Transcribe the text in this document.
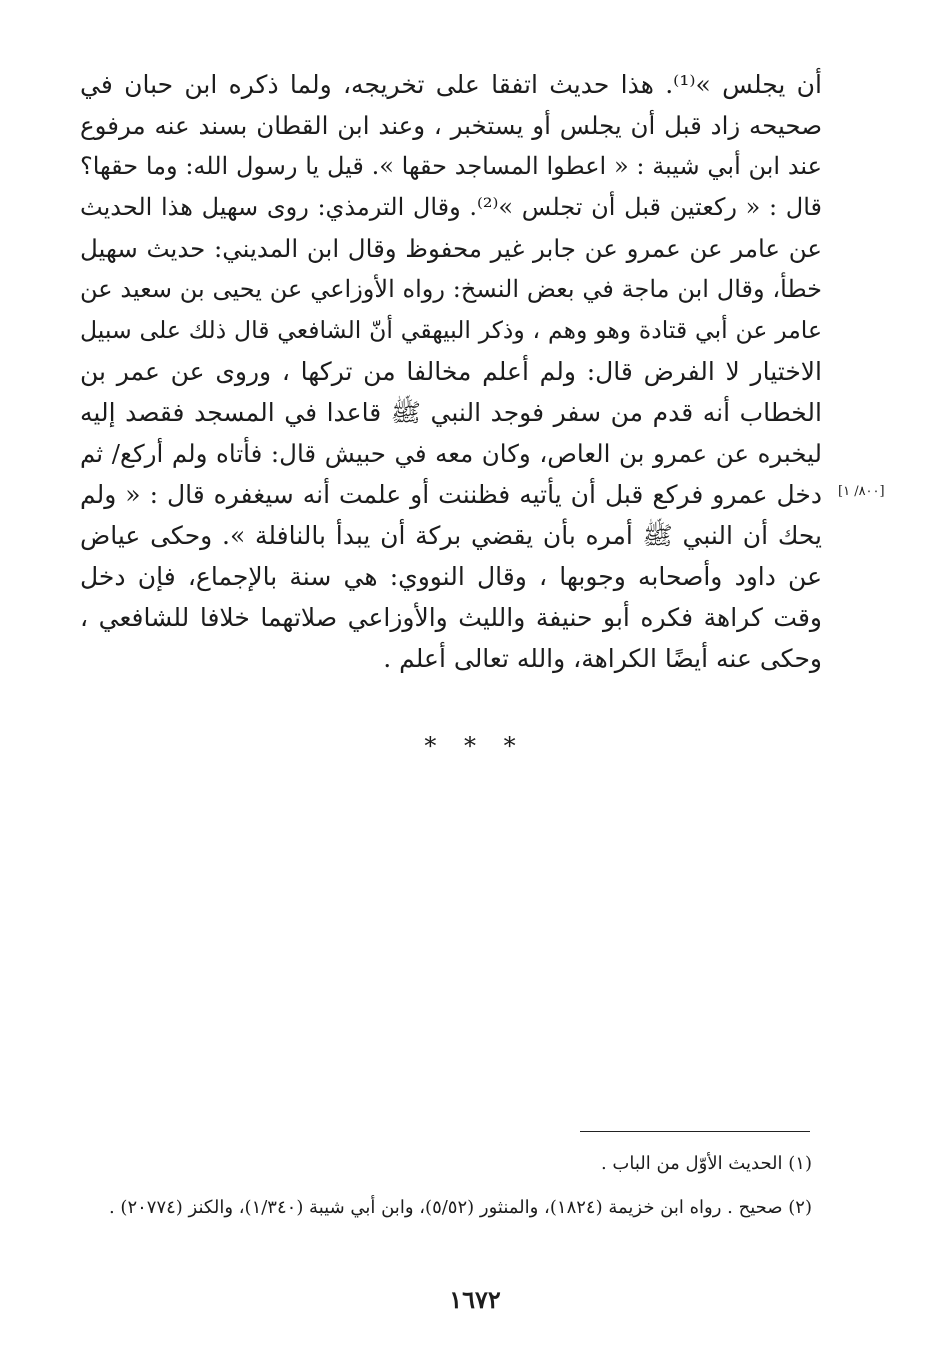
أن يجلس »⁽¹⁾. هذا حديث اتفقا على تخريجه، ولما ذكره ابن حبان في
صحيحه زاد قبل أن يجلس أو يستخبر ، وعند ابن القطان بسند عنه مرفوع
عند ابن أبي شيبة : « اعطوا المساجد حقها ». قيل يا رسول الله: وما حقها؟
قال : « ركعتين قبل أن تجلس »⁽²⁾. وقال الترمذي: روى سهيل هذا الحديث
عن عامر عن عمرو عن جابر غير محفوظ وقال ابن المديني: حديث سهيل
خطأ، وقال ابن ماجة في بعض النسخ: رواه الأوزاعي عن يحيى بن سعيد عن
عامر عن أبي قتادة وهو وهم ، وذكر البيهقي أنّ الشافعي قال ذلك على سبيل
الاختيار لا الفرض قال: ولم أعلم مخالفا من تركها ، وروى عن عمر بن
الخطاب أنه قدم من سفر فوجد النبي ﷺ قاعدا في المسجد فقصد إليه
ليخبره عن عمرو بن العاص، وكان معه في حبيش قال: فأتاه ولم أركع/ ثم
دخل عمرو فركع قبل أن يأتيه فظننت أو علمت أنه سيغفره قال : « ولم
يحك أن النبي ﷺ أمره بأن يقضي بركة أن يبدأ بالنافلة ». وحكى عياض
عن داود وأصحابه وجوبها ، وقال النووي: هي سنة بالإجماع، فإن دخل
وقت كراهة فكره أبو حنيفة والليث والأوزاعي صلاتهما خلافا للشافعي ،
وحكى عنه أيضًا الكراهة، والله تعالى أعلم .
* * *
[٨٠٠/ ١]
(١) الحديث الأوّل من الباب .
(٢) صحيح . رواه ابن خزيمة (١٨٢٤)، والمنثور (٥/٥٢)، وابن أبي شيبة (١/٣٤٠)، والكنز (٢٠٧٧٤) .
١٦٧٢
